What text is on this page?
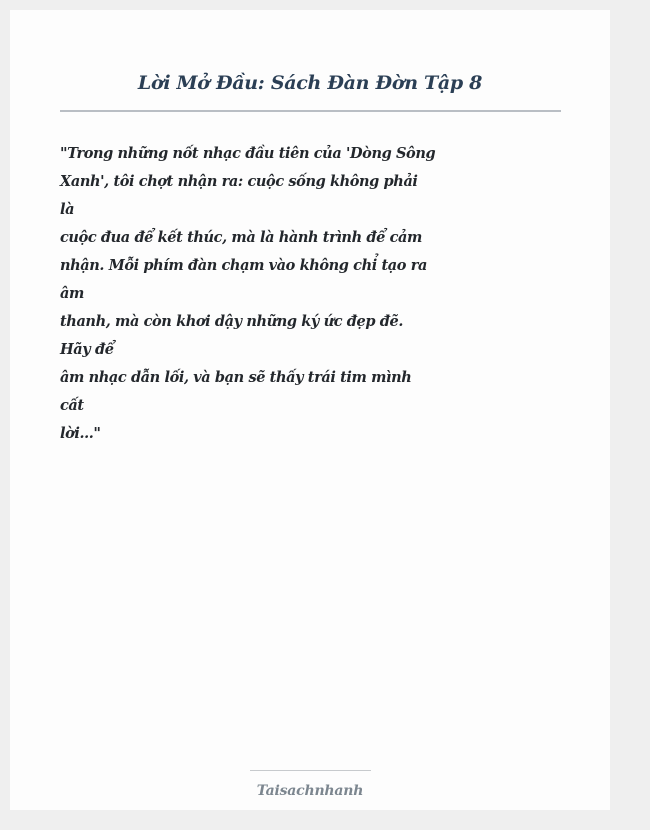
Lời Mở Đầu: Sách Đàn Đờn Tập 8
"Trong những nốt nhạc đầu tiên của 'Dòng Sông
Xanh', tôi chợt nhận ra: cuộc sống không phải
là
cuộc đua để kết thúc, mà là hành trình để cảm
nhận. Mỗi phím đàn chạm vào không chỉ tạo ra
âm
thanh, mà còn khơi dậy những ký ức đẹp đẽ.
Hãy để
âm nhạc dẫn lối, và bạn sẽ thấy trái tim mình
cất
lời..."
Taisachnhanh
